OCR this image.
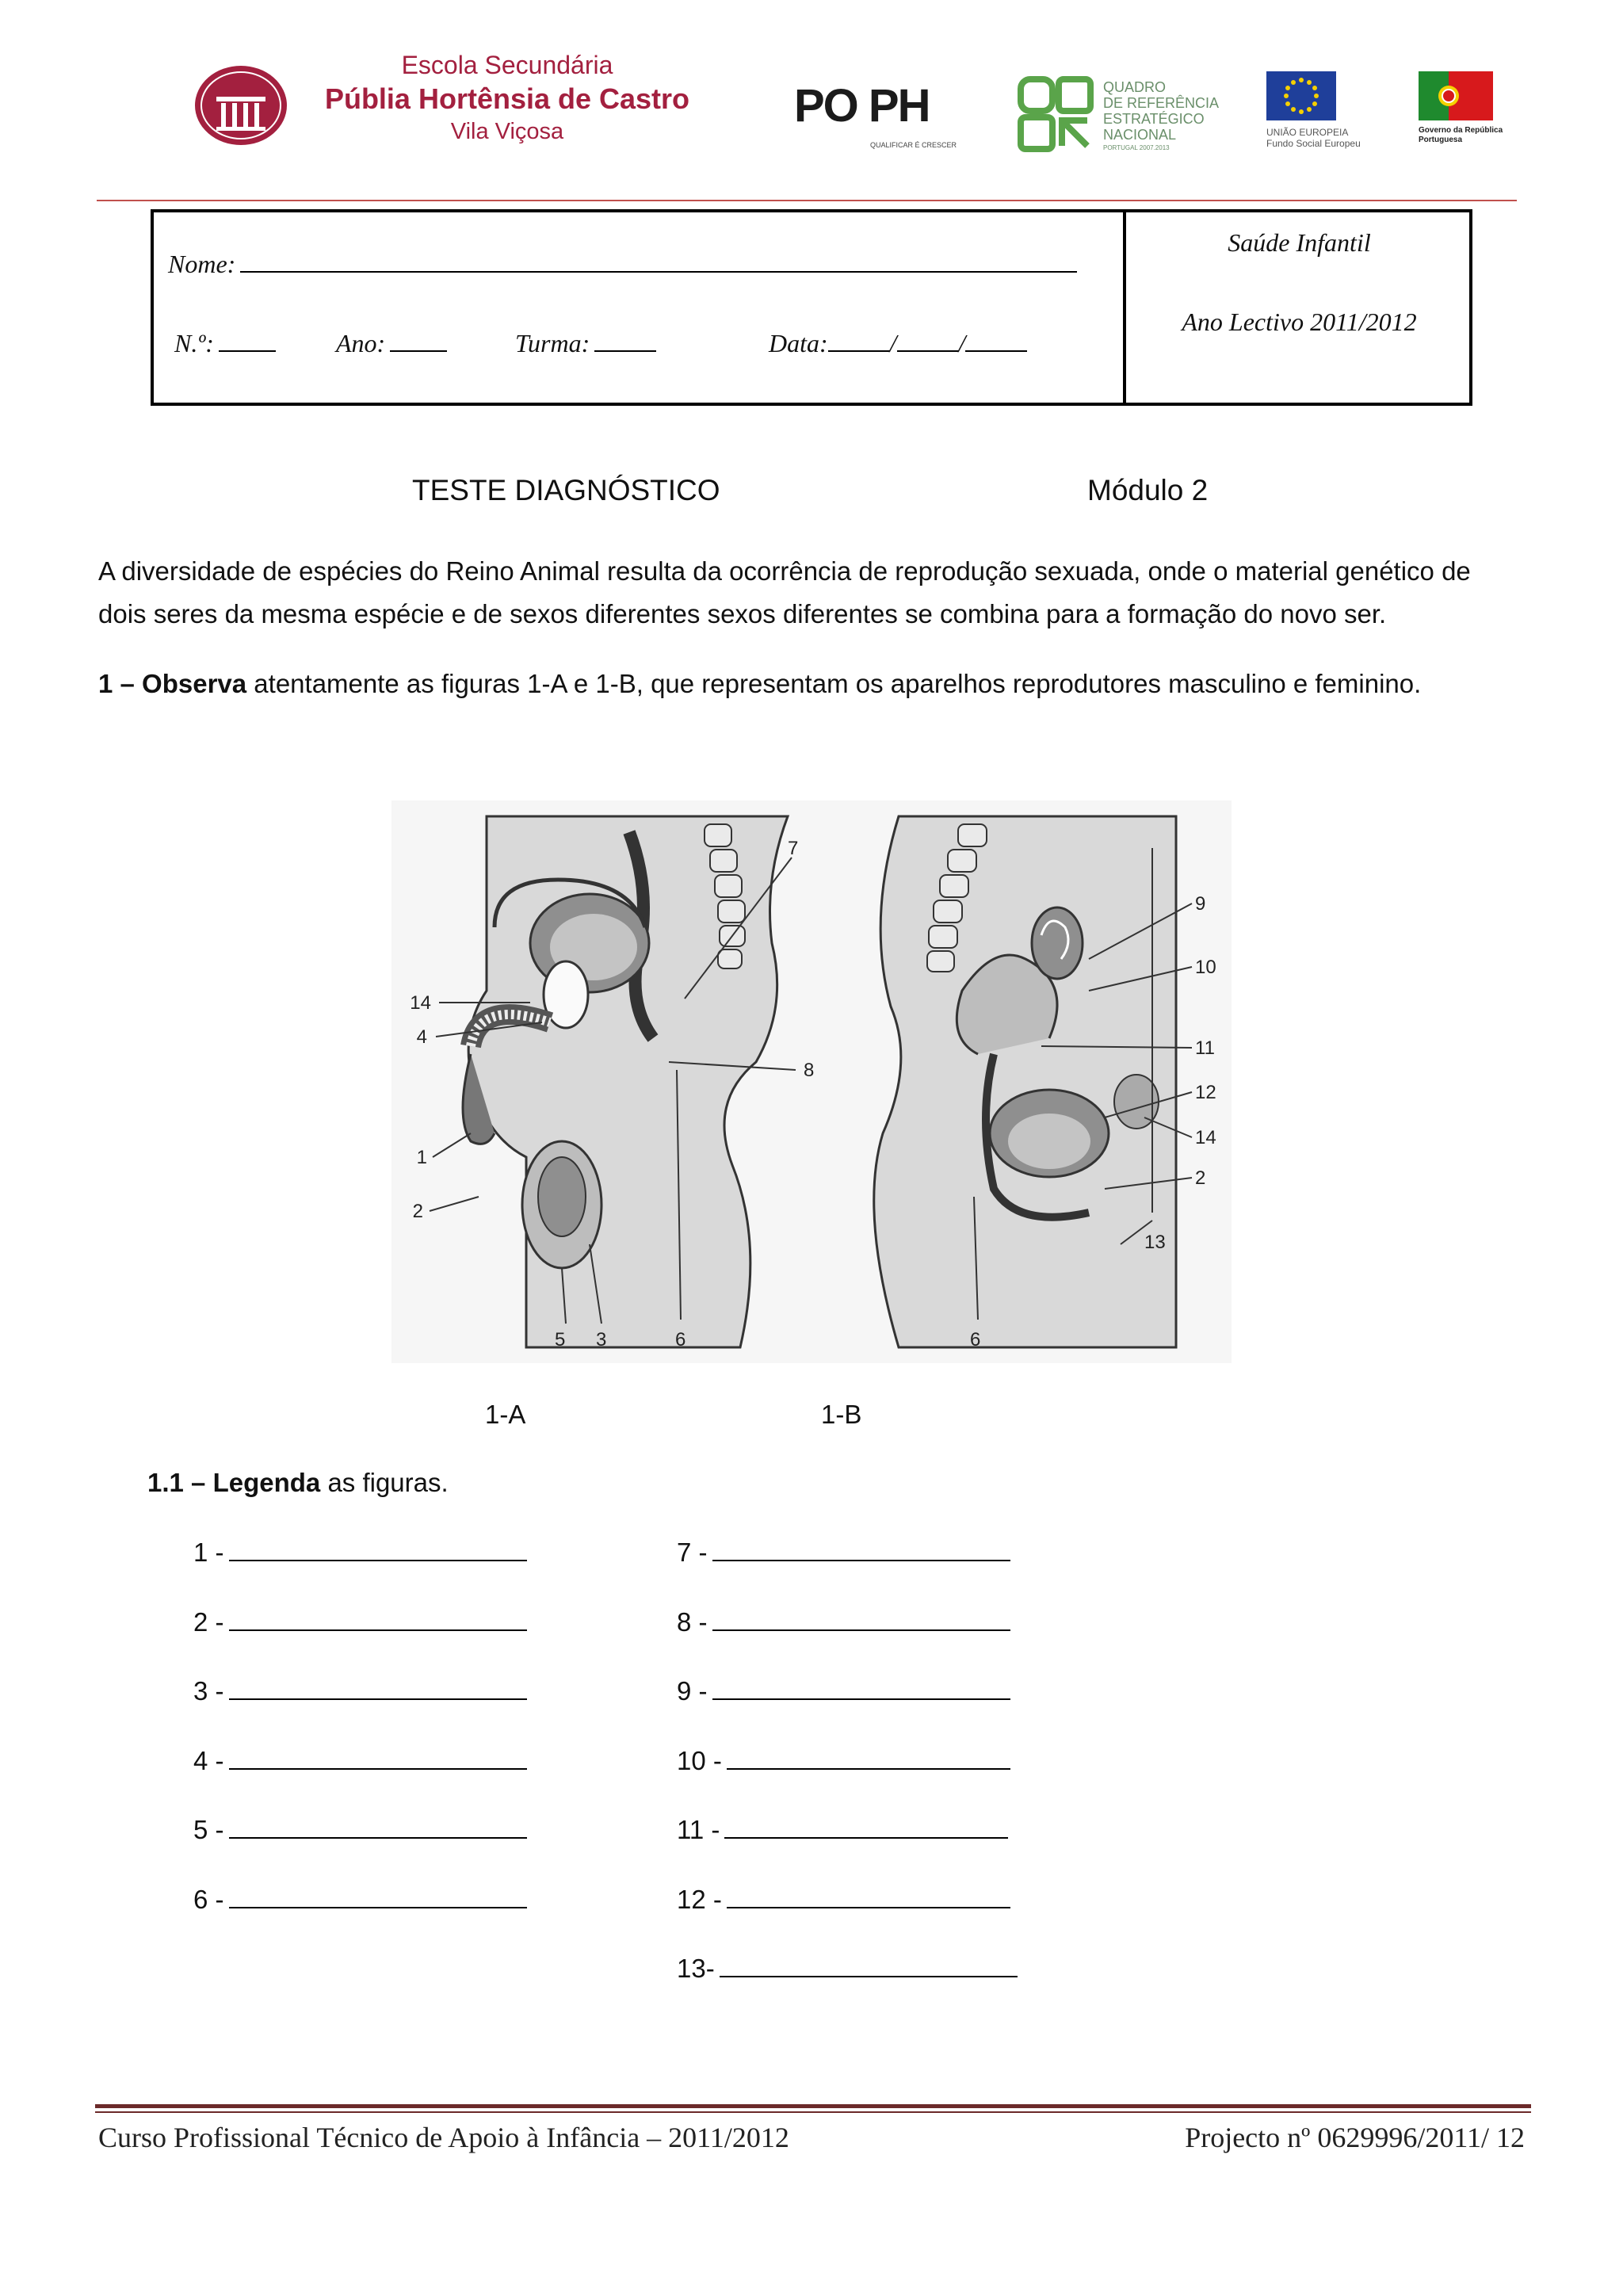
Escola Secundária
Públia Hortênsia de Castro
Vila Viçosa	PO PH
QUALIFICAR É CRESCER
QUADRO
DE REFERÊNCIA
ESTRATÉGICO
NACIONAL
PORTUGAL 2007.2013
UNIÃO EUROPEIA
Fundo Social Europeu
Governo da República
Portuguesa
Nome:
N.º:	Ano:	Turma:	Data: / /
Saúde Infantil
Ano Lectivo 2011/2012
TESTE DIAGNÓSTICO	Módulo 2
A diversidade de espécies do Reino Animal resulta da ocorrência de reprodução sexuada, onde o material genético de dois seres da mesma espécie e de sexos diferentes sexos diferentes se combina para a formação do novo ser.
1 – Observa atentamente as figuras 1-A e 1-B, que representam os aparelhos reprodutores masculino e feminino.
7
14
4
8
1
2
5 3	6
9
10
11
12
14
2
13
6
1-A	1-B
1.1 – Legenda as figuras.
1 -
2 -
3 -
4 -
5 -
6 -
7 -
8 -
9 -
10 -
11 -
12 -
13-
Curso Profissional Técnico de Apoio à Infância – 2011/2012	Projecto nº 0629996/2011/ 12
